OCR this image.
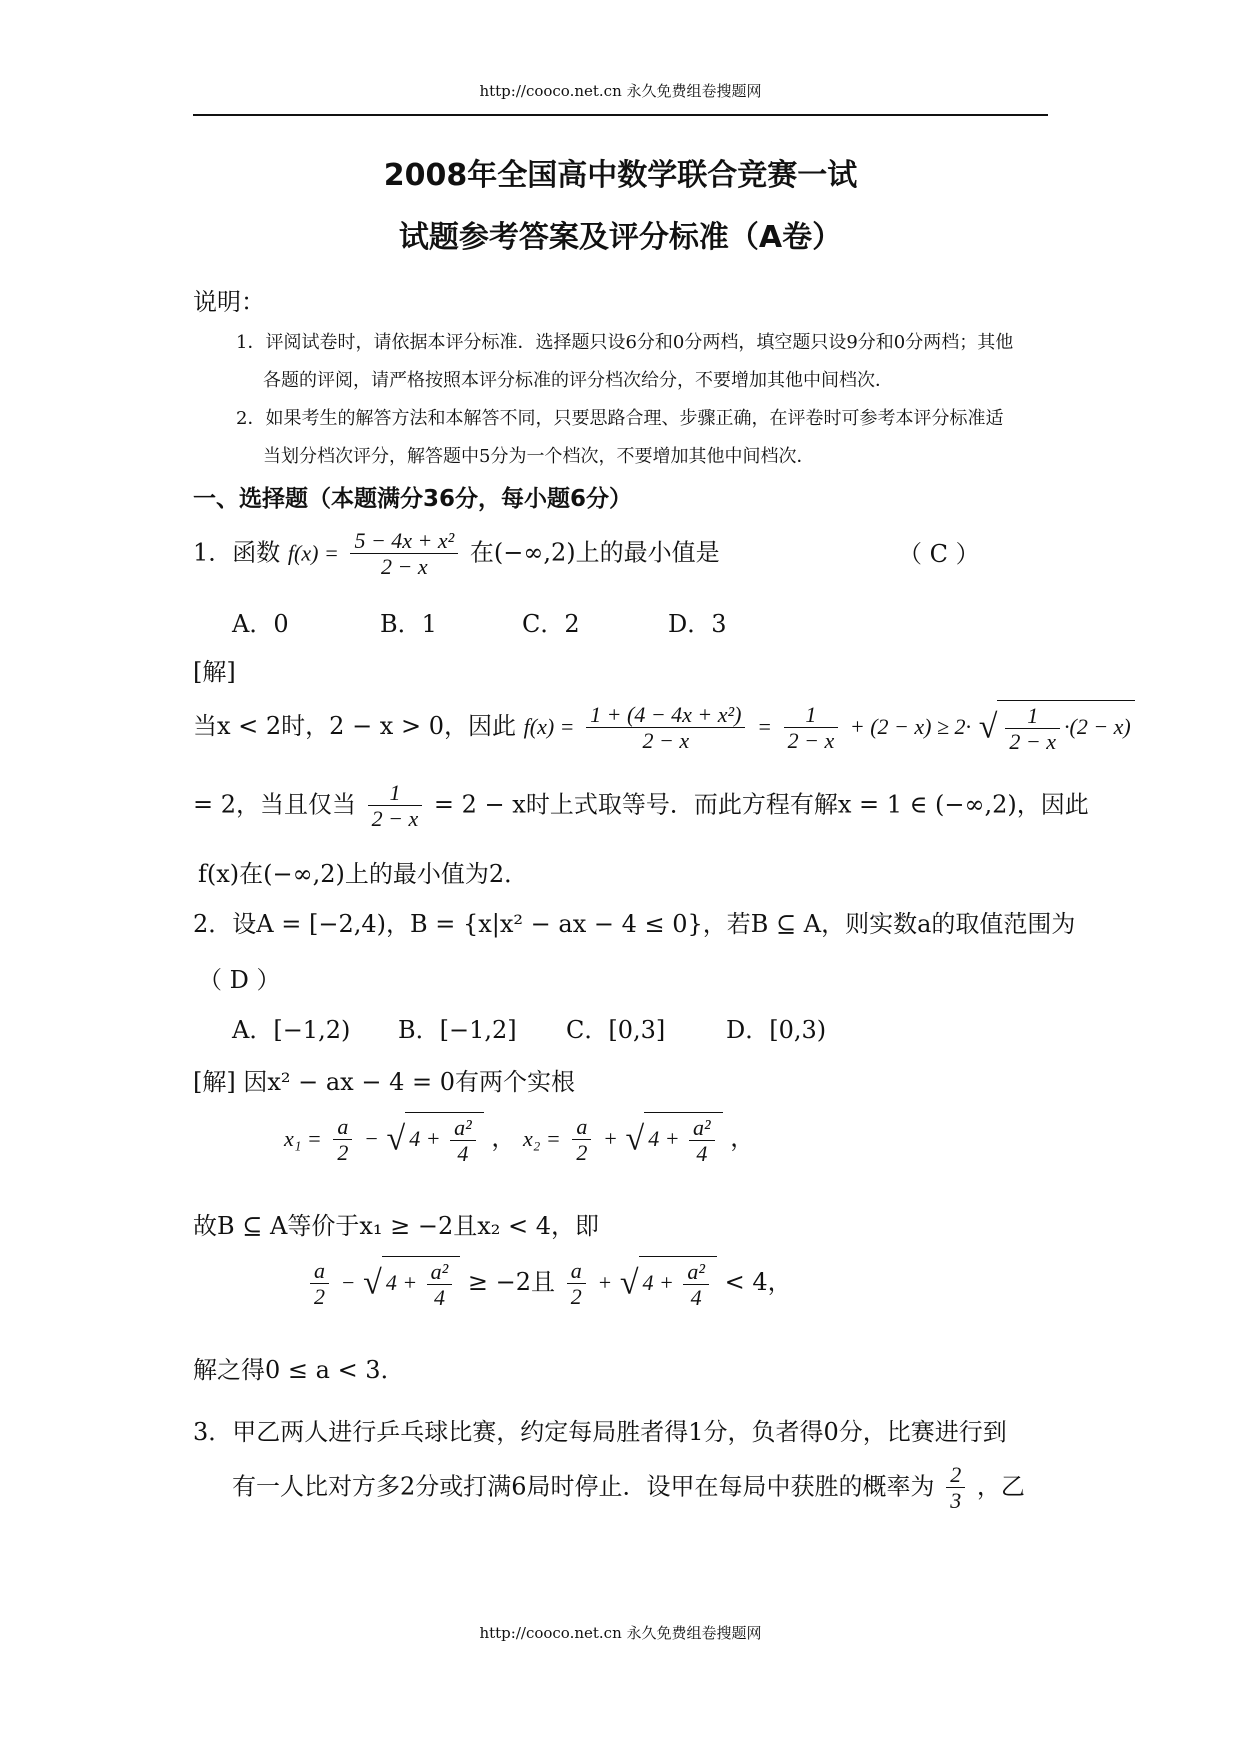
http://cooco.net.cn 永久免费组卷搜题网
2008年全国高中数学联合竞赛一试
试题参考答案及评分标准（A卷）
说明：
1．评阅试卷时，请依据本评分标准．选择题只设6分和0分两档，填空题只设9分和0分两档；其他
各题的评阅，请严格按照本评分标准的评分档次给分，不要增加其他中间档次．
2．如果考生的解答方法和本解答不同，只要思路合理、步骤正确，在评卷时可参考本评分标准适
当划分档次评分，解答题中5分为一个档次，不要增加其他中间档次．
一、选择题（本题满分36分，每小题6分）
1．函数 $f(x) = \frac{\text{5 − 4x + x²}}{2 - x}$ 在(−∞,2)上的最小值是	（ C ）
A．0	B．1	C．2	D．3
[解]
当x < 2时，2 − x > 0，因此 $f(x) = \frac{\text{1 + (4 − 4x + x²)}}{2 - x} = \frac{1}{2 - x} + (2 - x) \ge 2\cdot$ √ $\frac{1}{2 - x} \cdot(2 - x)$
= 2，当且仅当 $\frac{1}{2 - x} = 2 - x$时上式取等号．而此方程有解x = 1 ∈ (−∞,2)，因此
f(x)在(−∞,2)上的最小值为2．
2．设A = [−2,4)，B = {x|x² − ax − 4 ≤ 0}，若B ⊆ A，则实数a的取值范围为
（ D ）
A．[−1,2) B．[−1,2] C．[0,3]	D．[0,3)
[解] 因x² − ax − 4 = 0有两个实根
$x_1 = \frac{a}{2}$ − √ $4 + \frac{\text{a²}}{4}$ ， $x_2 = \frac{a}{2}$ + √ $4 + \frac{\text{a²}}{4}$ ，
故B ⊆ A等价于x₁ ≥ −2且x₂ < 4，即
$\frac{a}{2}$ − √ $4 + \frac{\text{a²}}{4} \ge -2$且 $\frac{a}{2}$ + √ $4 + \frac{\text{a²}}{4} < 4$，
解之得0 ≤ a < 3．
3．甲乙两人进行乒乓球比赛，约定每局胜者得1分，负者得0分，比赛进行到
有一人比对方多2分或打满6局时停止．设甲在每局中获胜的概率为 $\frac{2}{3}$ ，乙
http://cooco.net.cn 永久免费组卷搜题网
